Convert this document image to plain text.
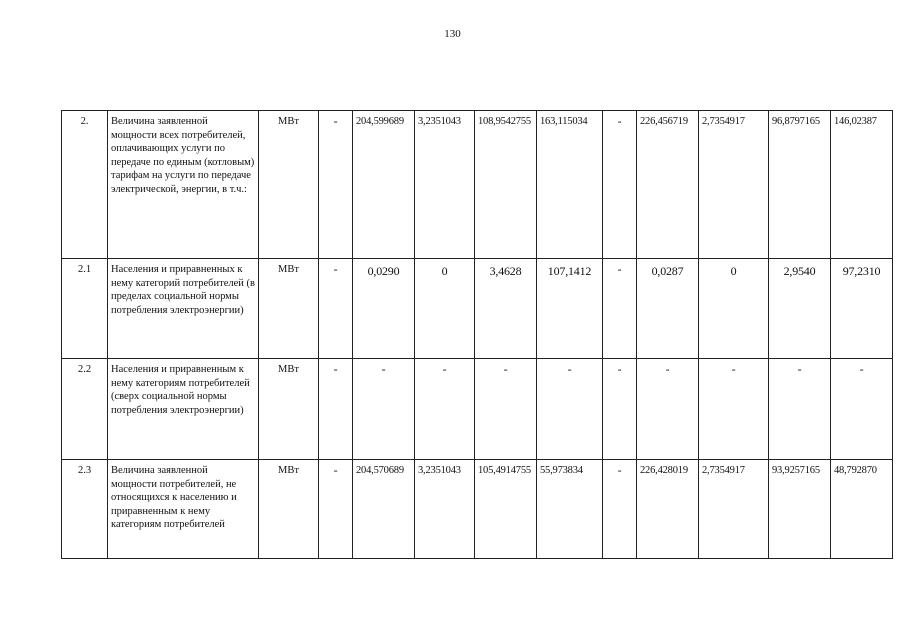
130
2.	Величина заявленной мощности всех потребителей, оплачивающих услуги по передаче по единым (котловым) тарифам на услуги по передаче электрической, энергии, в т.ч.:	МВт	-	204,599689	3,2351043	108,9542755	163,115034	-	226,456719	2,7354917	96,8797165	146,02387
2.1	Населения и приравненных к нему категорий потребителей (в пределах социальной нормы потребления электроэнергии)	МВт	-	0,0290	0	3,4628	107,1412	-	0,0287	0	2,9540	97,2310
2.2	Населения и приравненным к нему категориям потребителей (сверх социальной нормы потребления электроэнергии)	МВт	-	-	-	-	-	-	-	-	-	-
2.3	Величина заявленной мощности потребителей, не относящихся к населению и приравненным к нему категориям потребителей	МВт	-	204,570689	3,2351043	105,4914755	55,973834	-	226,428019	2,7354917	93,9257165	48,792870
